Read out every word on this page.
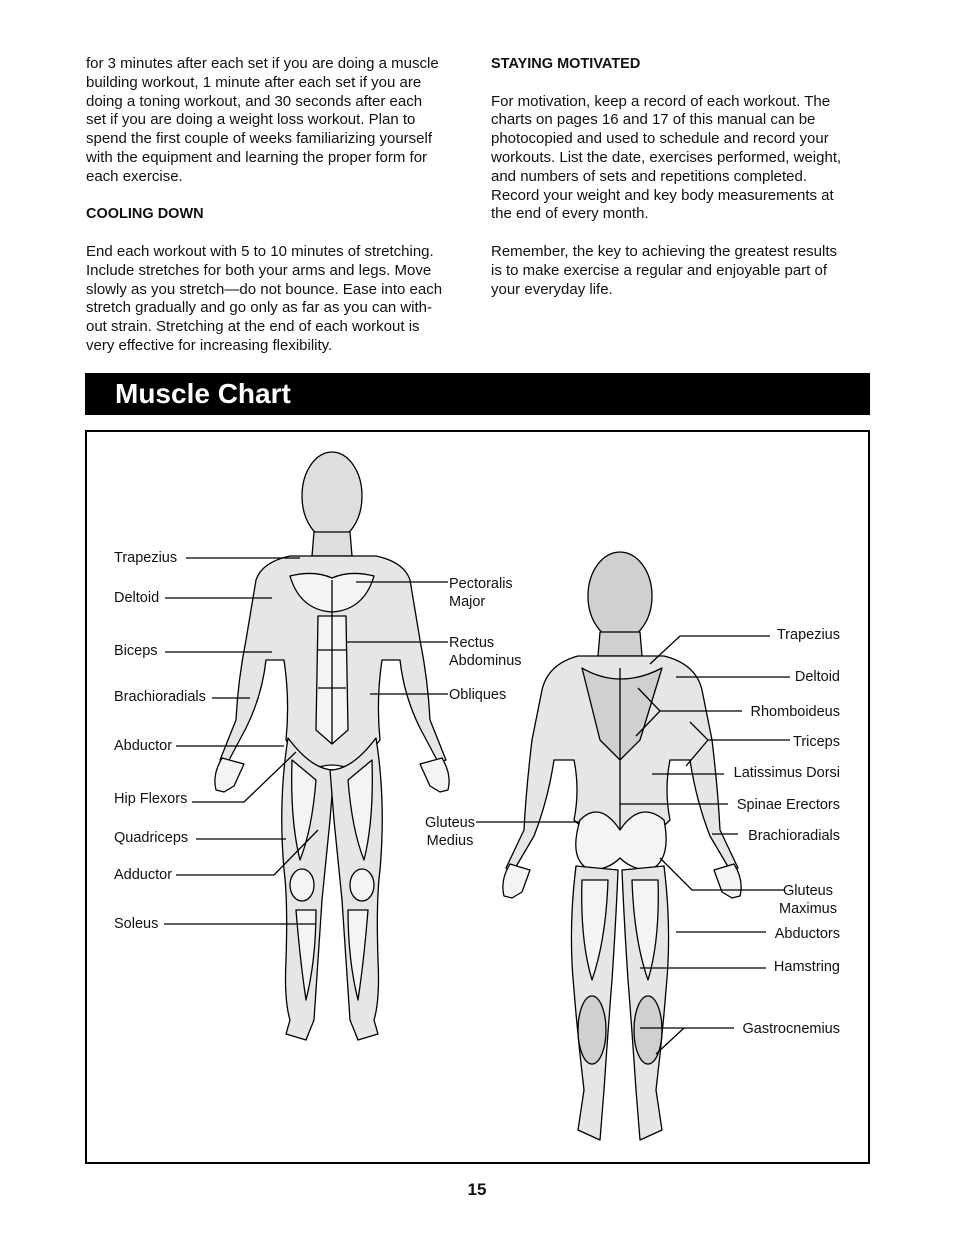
for 3 minutes after each set if you are doing a muscle

building workout, 1 minute after each set if you are

doing a toning workout, and 30 seconds after each

set if you are doing a weight loss workout. Plan to

spend the first couple of weeks familiarizing yourself

with the equipment and learning the proper form for

each exercise.

COOLING DOWN

End each workout with 5 to 10 minutes of stretching.

Include stretches for both your arms and legs. Move

slowly as you stretch—do not bounce. Ease into each

stretch gradually and go only as far as you can with-

out strain. Stretching at the end of each workout is

very effective for increasing flexibility.

STAYING MOTIVATED

For motivation, keep a record of each workout. The

charts on pages 16 and 17 of this manual can be

photocopied and used to schedule and record your

workouts. List the date, exercises performed, weight,

and numbers of sets and repetitions completed.

Record your weight and key body measurements at

the end of every month.

Remember, the key to achieving the greatest results

is to make exercise a regular and enjoyable part of

your everyday life.

Muscle Chart
Trapezius
Deltoid
Biceps
Brachioradials
Abductor
Hip Flexors
Quadriceps
Adductor
Soleus
Pectoralis
Major
Rectus
Abdominus
Obliques
Gluteus
Medius
Trapezius
Deltoid
Rhomboideus
Triceps
Latissimus Dorsi
Spinae Erectors
Brachioradials
Gluteus
Maximus
Abductors
Hamstring
Gastrocnemius
15
